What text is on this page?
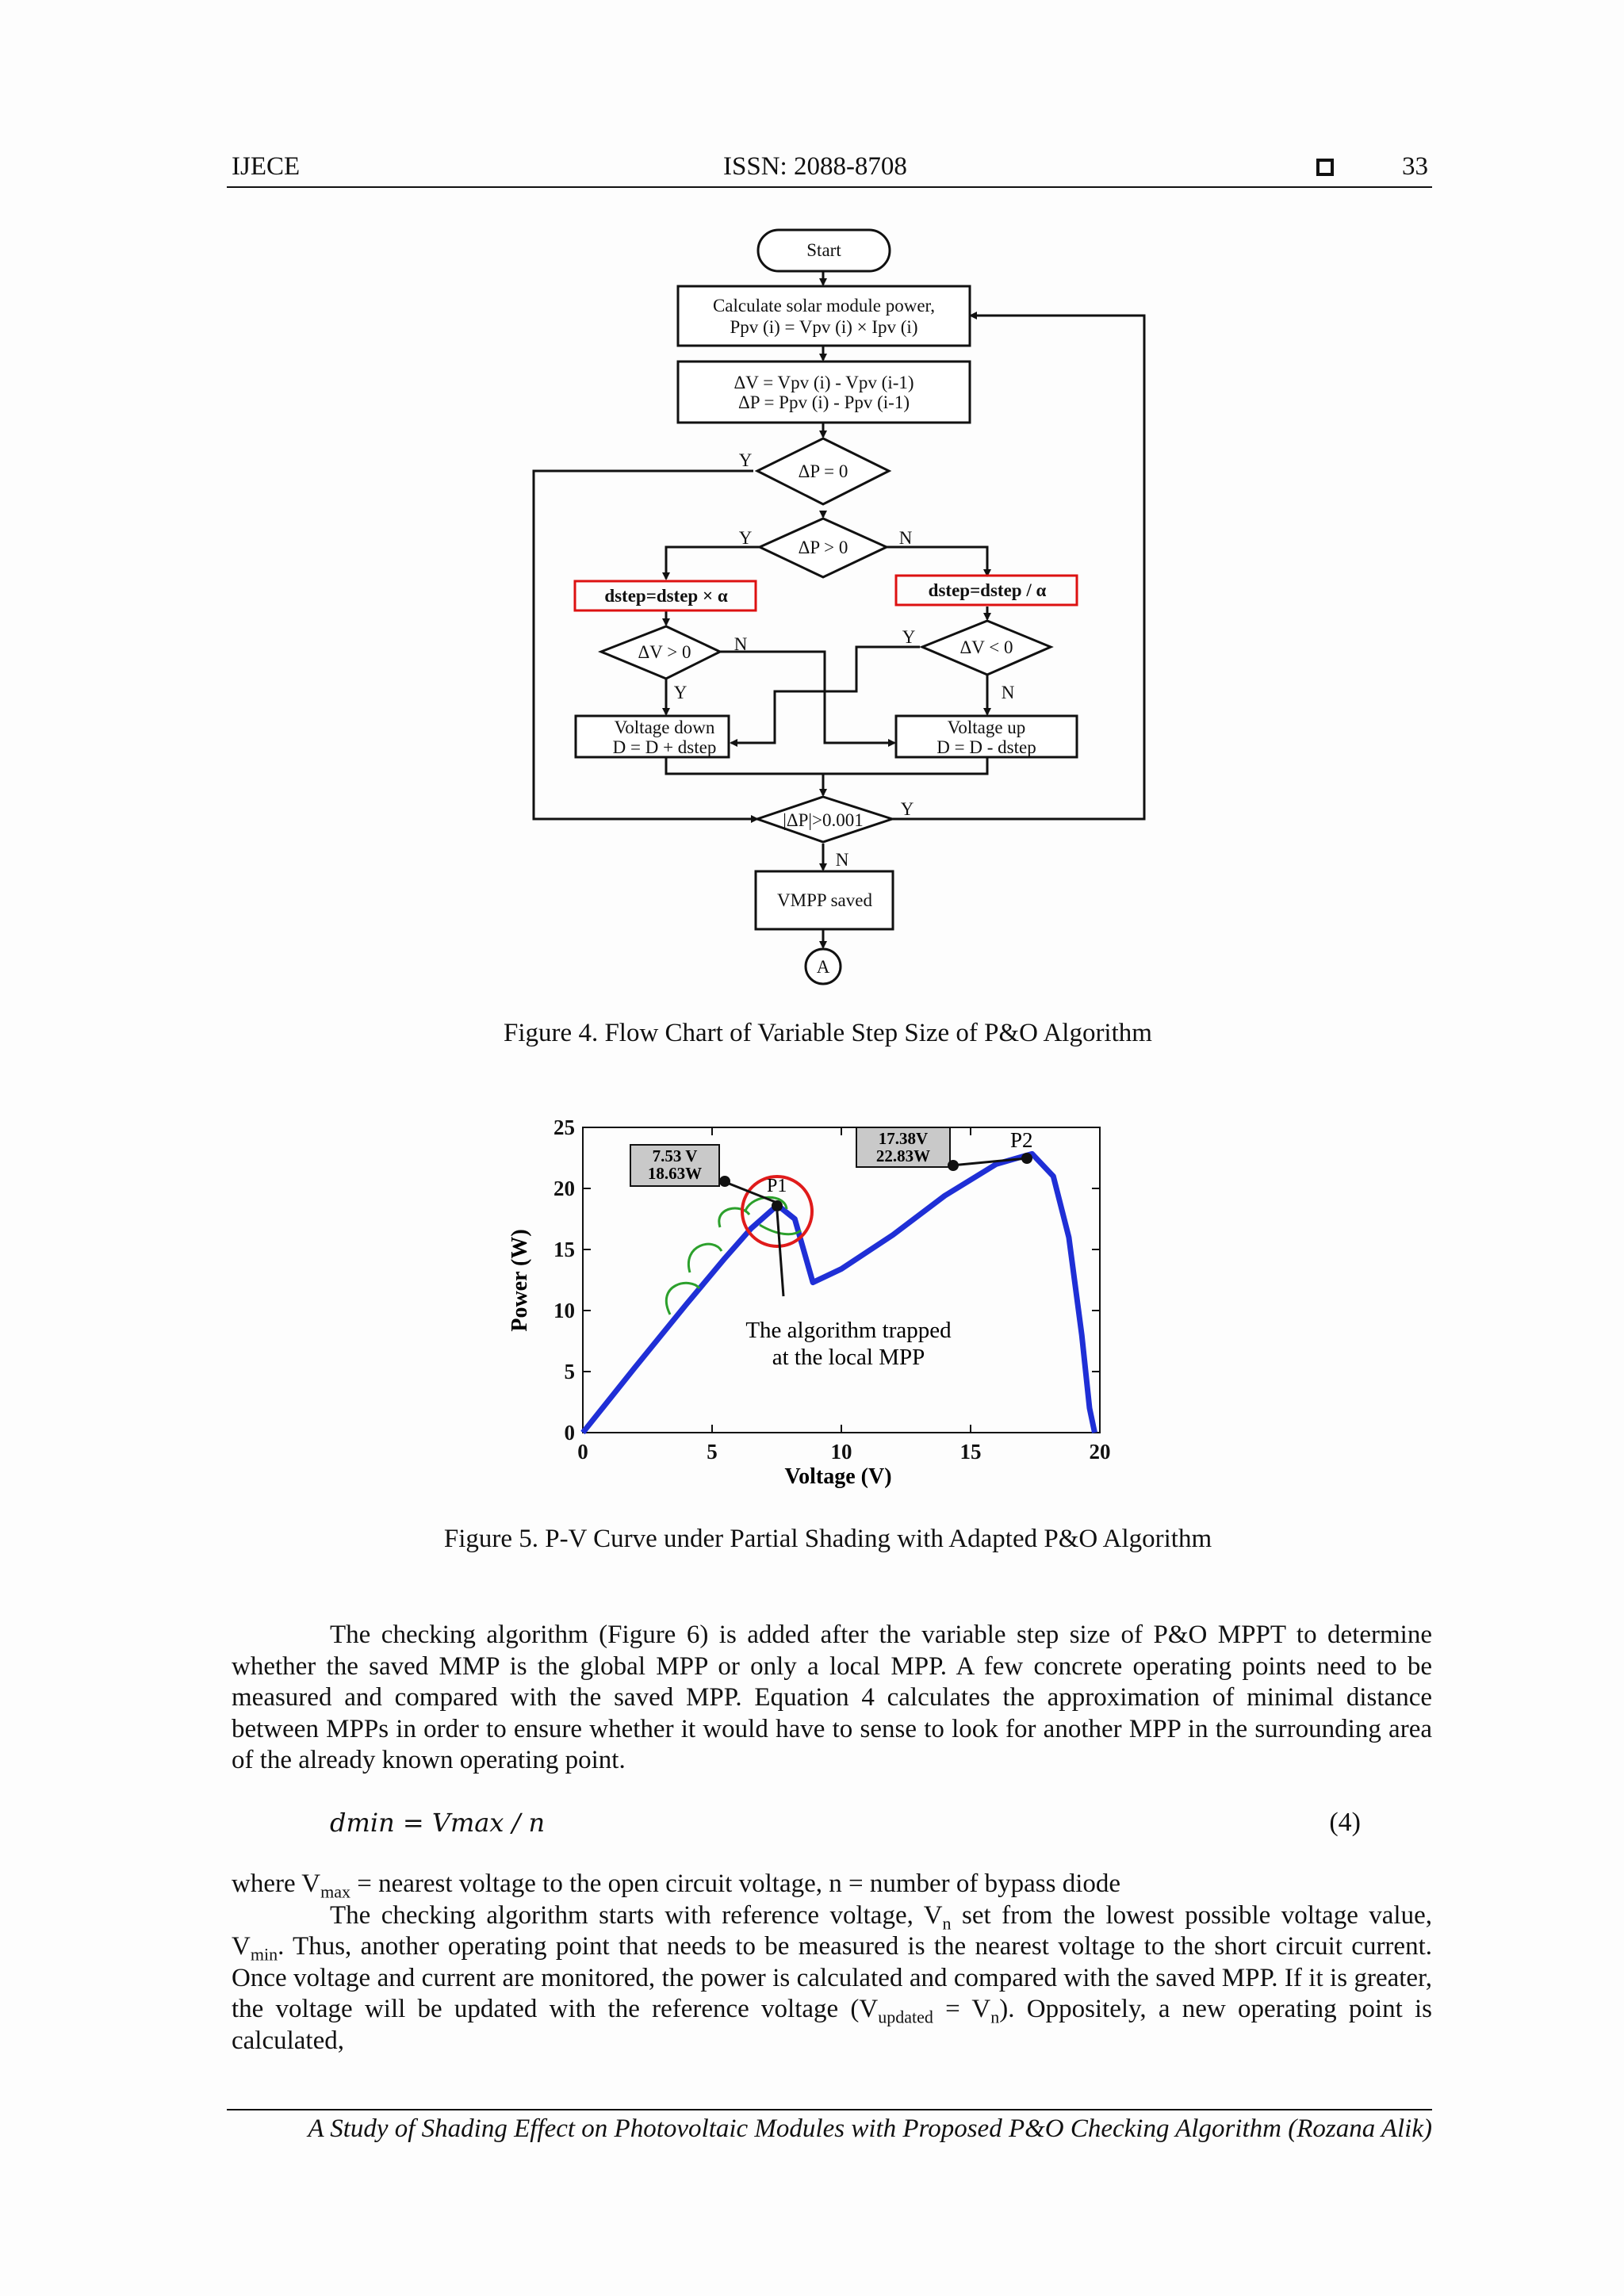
IJECE	ISSN: 2088-8708	33
Start
Calculate solar module power,
Ppv (i) = Vpv (i) × Ipv (i)
ΔV = Vpv (i) - Vpv (i-1)
ΔP = Ppv (i) - Ppv (i-1)
ΔP = 0
ΔP > 0
dstep=dstep × α	dstep=dstep / α
ΔV > 0	ΔV < 0
Voltage down
D = D + dstep
Voltage up
D = D - dstep
|ΔP|>0.001
VMPP saved
A
Y
Y	N
N
Y
Y
N
Y
N
Figure 4. Flow Chart of Variable Step Size of P&O Algorithm
0	5	10	15	20
0
5
10
15
20
25
Voltage (V)
Power (W)
7.53 V
18.63W
17.38V
22.83W
P1
P2
The algorithm trapped
at the local MPP
Figure 5. P-V Curve under Partial Shading with Adapted P&O Algorithm
The checking algorithm (Figure 6) is added after the variable step size of P&O MPPT to determine whether the saved MMP is the global MPP or only a local MPP. A few concrete operating points need to be measured and compared with the saved MPP. Equation 4 calculates the approximation of minimal distance between MPPs in order to ensure whether it would have to sense to look for another MPP in the surrounding area of the already known operating point.
dmin = Vmax / n	(4)
where $V_{max}$ = nearest voltage to the open circuit voltage, n = number of bypass diode
The checking algorithm starts with reference voltage, $V_n$ set from the lowest possible voltage value, $V_{min}$. Thus, another operating point that needs to be measured is the nearest voltage to the short circuit current. Once voltage and current are monitored, the power is calculated and compared with the saved MPP. If it is greater, the voltage will be updated with the reference voltage $(V_{updated} = V_n)$. Oppositely, a new operating point is calculated,
A Study of Shading Effect on Photovoltaic Modules with Proposed P&O Checking Algorithm (Rozana Alik)
